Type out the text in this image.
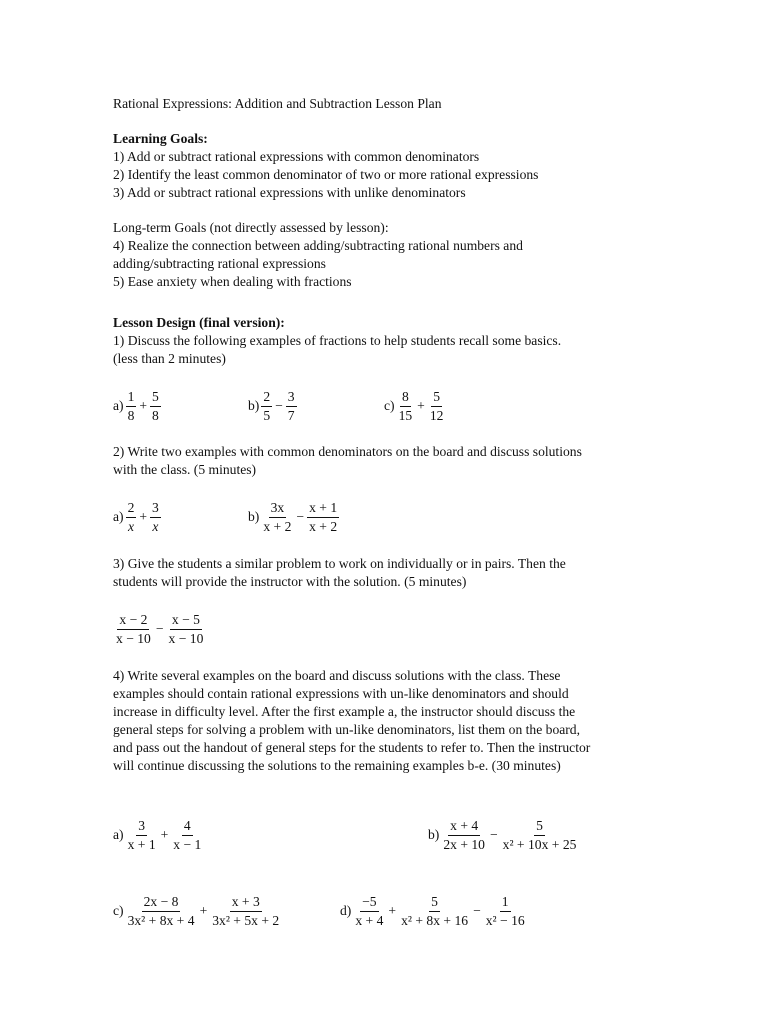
Rational Expressions: Addition and Subtraction Lesson Plan
Learning Goals:
1) Add or subtract rational expressions with common denominators
2) Identify the least common denominator of two or more rational expressions
3) Add or subtract rational expressions with unlike denominators
Long-term Goals (not directly assessed by lesson):
4) Realize the connection between adding/subtracting rational numbers and
adding/subtracting rational expressions
5) Ease anxiety when dealing with fractions
Lesson Design (final version):
1) Discuss the following examples of fractions to help students recall some basics.
(less than 2 minutes)
$a) \frac{1}{8} + \frac{5}{8}$	$b) \frac{2}{5} - \frac{3}{7}$	$c) \frac{8}{15} + \frac{5}{12}$
2) Write two examples with common denominators on the board and discuss solutions
with the class. (5 minutes)
$a) \frac{2}{x} + \frac{3}{x}$	$b) \frac{3x}{x + 2} - \frac{x + 1}{x + 2}$
3) Give the students a similar problem to work on individually or in pairs. Then the
students will provide the instructor with the solution. (5 minutes)
$\frac{x - 2}{x - 10} - \frac{x - 5}{x - 10}$
4) Write several examples on the board and discuss solutions with the class. These
examples should contain rational expressions with un-like denominators and should
increase in difficulty level. After the first example a, the instructor should discuss the
general steps for solving a problem with un-like denominators, list them on the board,
and pass out the handout of general steps for the students to refer to. Then the instructor
will continue discussing the solutions to the remaining examples b-e. (30 minutes)
$a) \frac{3}{x + 1} + \frac{4}{x - 1}$	$b) \frac{x + 4}{2x + 10} - \frac{5}{\text{x² + 10x + 25}}$
$c) \frac{2x - 8}{\text{3x² + 8x + 4}} + \frac{x + 3}{\text{3x² + 5x + 2}}$	$d) \frac{-5}{x + 4} + \frac{5}{\text{x² + 8x + 16}} - \frac{1}{\text{x² − 16}}$
